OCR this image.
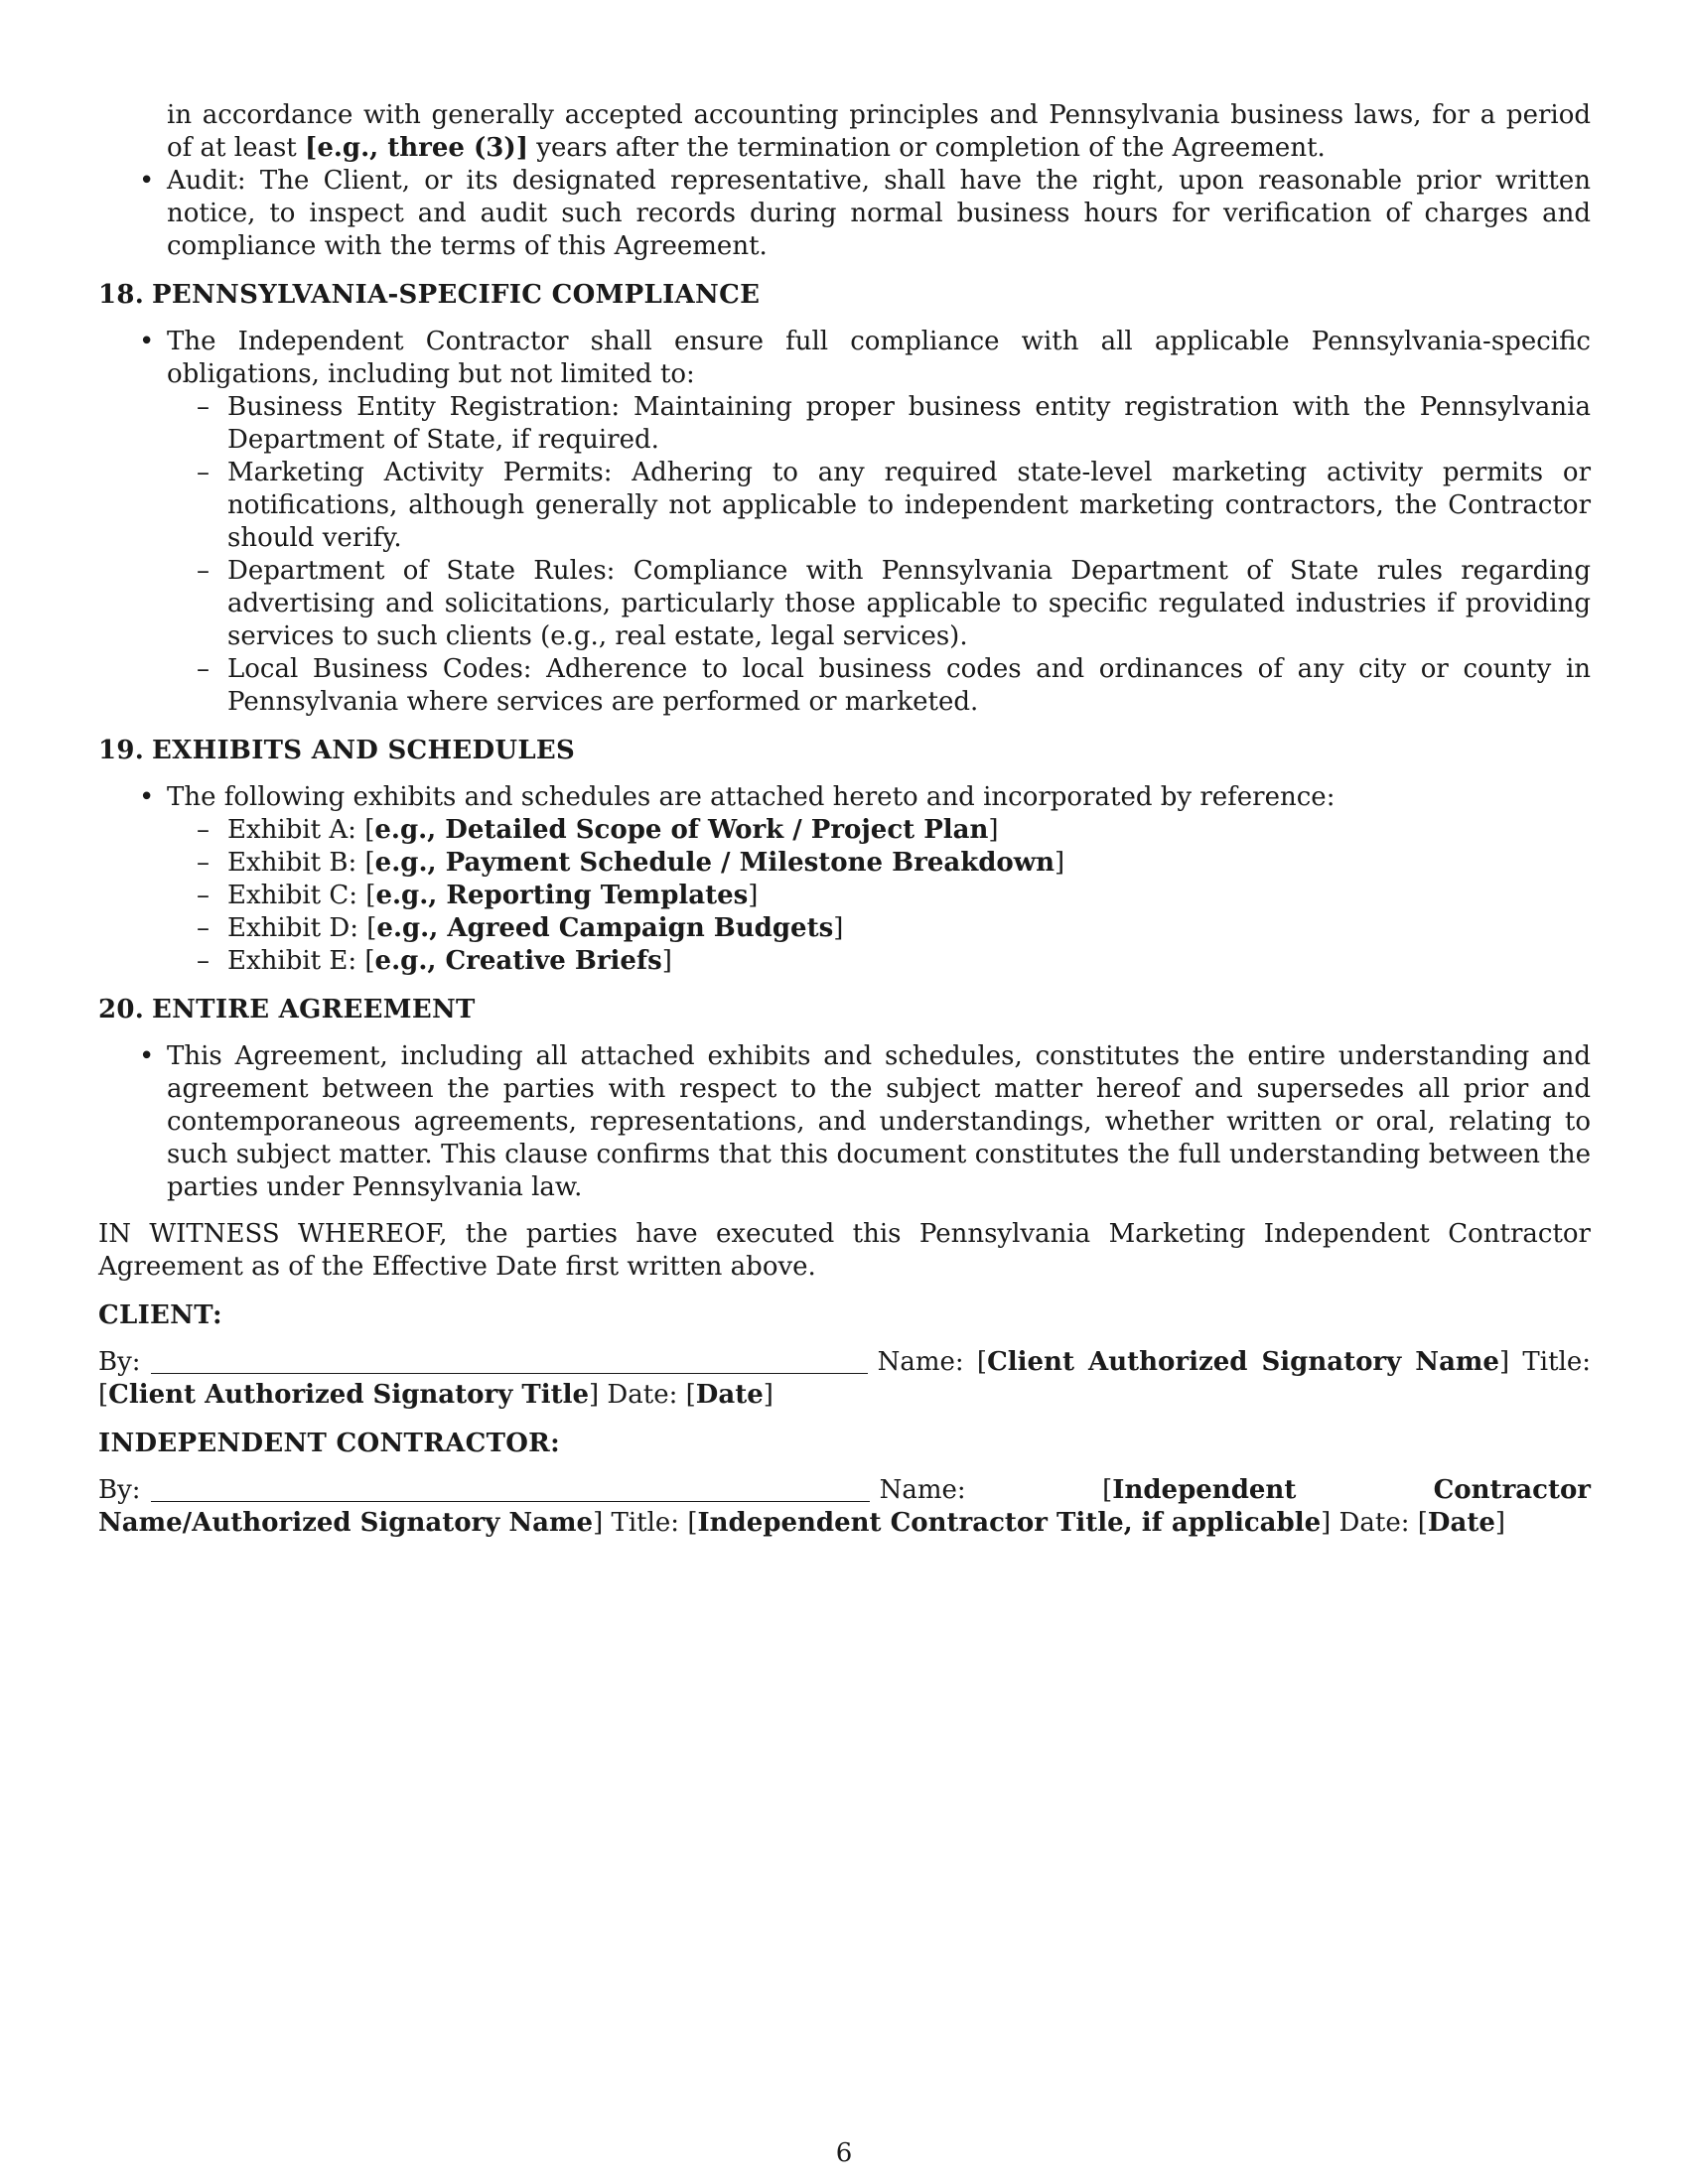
in accordance with generally accepted accounting principles and Pennsylvania business laws, for a period of at least [e.g., three (3)] years after the termination or completion of the Agreement.

• Audit: The Client, or its designated representative, shall have the right, upon reasonable prior written notice, to inspect and audit such records during normal business hours for verification of charges and compliance with the terms of this Agreement.
18. PENNSYLVANIA-SPECIFIC COMPLIANCE
• The Independent Contractor shall ensure full compliance with all applicable Pennsylvania-specific obligations, including but not limited to:
– Business Entity Registration: Maintaining proper business entity registration with the Pennsylvania Department of State, if required.
– Marketing Activity Permits: Adhering to any required state-level marketing activity permits or notifications, although generally not applicable to independent marketing contractors, the Contractor should verify.
– Department of State Rules: Compliance with Pennsylvania Department of State rules regarding advertising and solicitations, particularly those applicable to specific regulated industries if providing services to such clients (e.g., real estate, legal services).
– Local Business Codes: Adherence to local business codes and ordinances of any city or county in Pennsylvania where services are performed or marketed.
19. EXHIBITS AND SCHEDULES
• The following exhibits and schedules are attached hereto and incorporated by reference:
– Exhibit A: [e.g., Detailed Scope of Work / Project Plan]
– Exhibit B: [e.g., Payment Schedule / Milestone Breakdown]
– Exhibit C: [e.g., Reporting Templates]
– Exhibit D: [e.g., Agreed Campaign Budgets]
– Exhibit E: [e.g., Creative Briefs]
20. ENTIRE AGREEMENT
• This Agreement, including all attached exhibits and schedules, constitutes the entire understanding and agreement between the parties with respect to the subject matter hereof and supersedes all prior and contemporaneous agreements, representations, and understandings, whether written or oral, relating to such subject matter. This clause confirms that this document constitutes the full understanding between the parties under Pennsylvania law.

IN WITNESS WHEREOF, the parties have executed this Pennsylvania Marketing Independent Contractor Agreement as of the Effective Date first written above.

CLIENT:

By:	Name: [Client Authorized Signatory Name] Title: [Client Authorized Signatory Title] Date: [Date]

INDEPENDENT CONTRACTOR:

By:	Name: [Independent Contractor Name/Authorized Signatory Name] Title: [Independent Contractor Title, if applicable] Date: [Date]

6
